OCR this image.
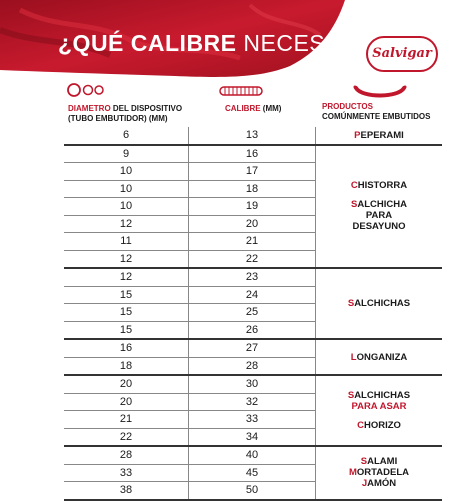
¿QUÉ CALIBRE NECESITO?
Salvigar
DIAMETRO DEL DISPOSITIVO
(TUBO EMBUTIDOR) (MM)
CALIBRE (MM)	PRODUCTOS
COMÚNMENTE EMBUTIDOS
6	13	PEPERAMI

9	16	CHISTORRA
SALCHICHA
PARA
DESAYUNO

10	17	
10	18	
10	19	
12	20	
11	21	
12	22	
12	23	SALCHICHAS

15	24	
15	25	
15	26	
16	27	LONGANIZA

18	28	
20	30	SALCHICHAS
PARA ASAR
CHORIZO

20	32	
21	33	
22	34	
28	40	SALAMI
MORTADELA
JAMÓN

33	45	
38	50	
